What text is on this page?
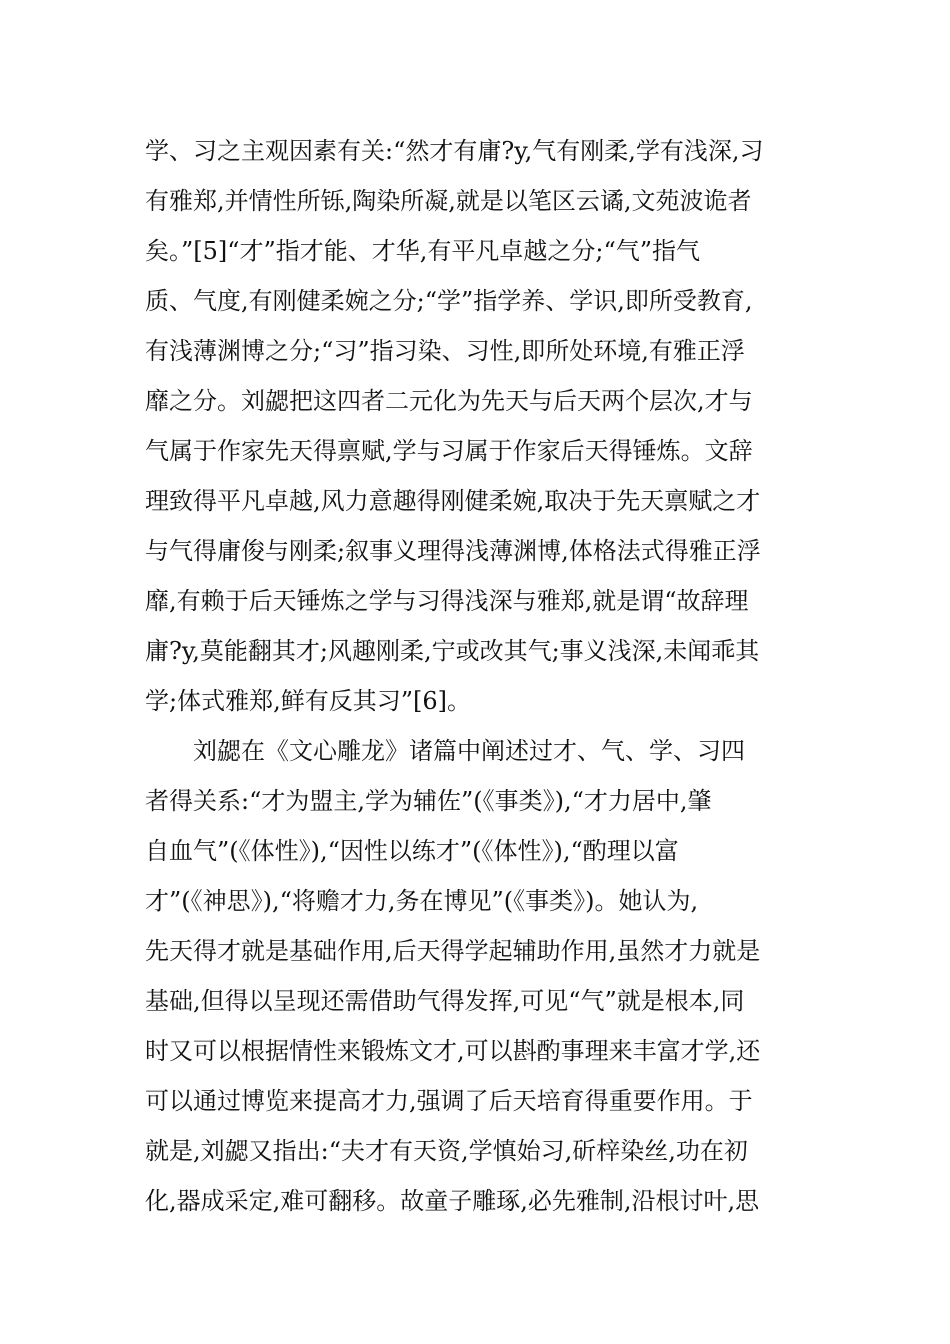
学、习之主观因素有关:“然才有庸?y,气有刚柔,学有浅深,习
有雅郑,并情性所铄,陶染所凝,就是以笔区云谲,文苑波诡者
矣。”[5]“才”指才能、才华,有平凡卓越之分;“气”指气
质、气度,有刚健柔婉之分;“学”指学养、学识,即所受教育,
有浅薄渊博之分;“习”指习染、习性,即所处环境,有雅正浮
靡之分。刘勰把这四者二元化为先天与后天两个层次,才与
气属于作家先天得禀赋,学与习属于作家后天得锤炼。文辞
理致得平凡卓越,风力意趣得刚健柔婉,取决于先天禀赋之才
与气得庸俊与刚柔;叙事义理得浅薄渊博,体格法式得雅正浮
靡,有赖于后天锤炼之学与习得浅深与雅郑,就是谓“故辞理
庸?y,莫能翻其才;风趣刚柔,宁或改其气;事义浅深,未闻乖其
学;体式雅郑,鲜有反其习”[6]。
刘勰在《文心雕龙》诸篇中阐述过才、气、学、习四
者得关系:“才为盟主,学为辅佐”(《事类》),“才力居中,肇
自血气”(《体性》),“因性以练才”(《体性》),“酌理以富
才”(《神思》),“将赡才力,务在博见”(《事类》)。她认为,
先天得才就是基础作用,后天得学起辅助作用,虽然才力就是
基础,但得以呈现还需借助气得发挥,可见“气”就是根本,同
时又可以根据情性来锻炼文才,可以斟酌事理来丰富才学,还
可以通过博览来提高才力,强调了后天培育得重要作用。于
就是,刘勰又指出:“夫才有天资,学慎始习,斫梓染丝,功在初
化,器成采定,难可翻移。故童子雕琢,必先雅制,沿根讨叶,思
